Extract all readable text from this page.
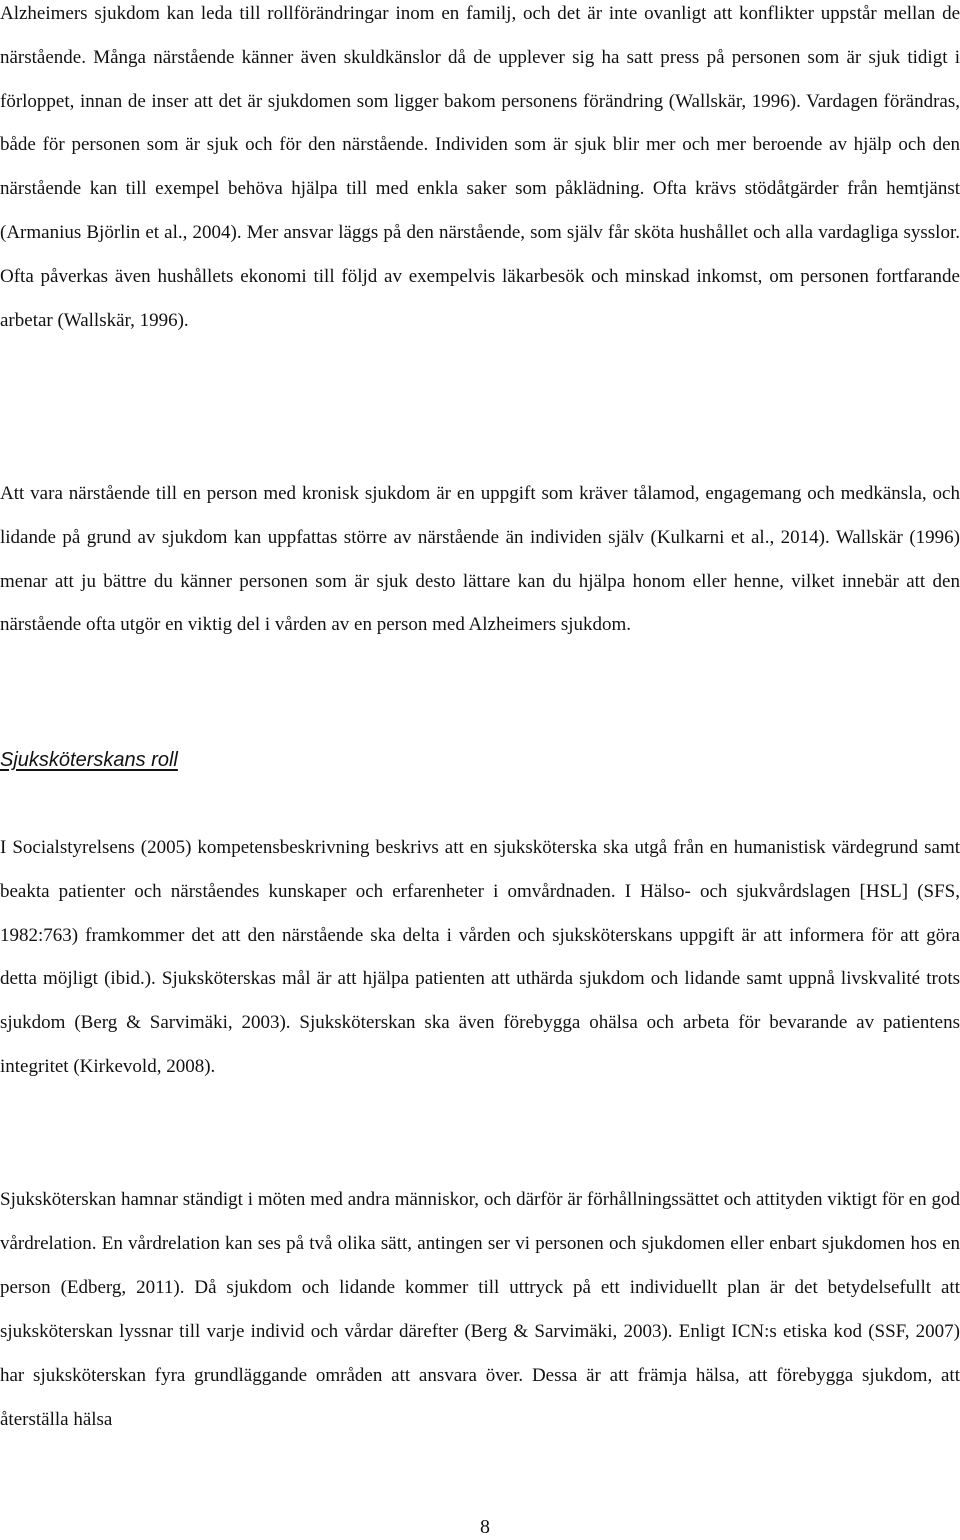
Alzheimers sjukdom kan leda till rollförändringar inom en familj, och det är inte ovanligt att konflikter uppstår mellan de närstående. Många närstående känner även skuldkänslor då de upplever sig ha satt press på personen som är sjuk tidigt i förloppet, innan de inser att det är sjukdomen som ligger bakom personens förändring (Wallskär, 1996). Vardagen förändras, både för personen som är sjuk och för den närstående. Individen som är sjuk blir mer och mer beroende av hjälp och den närstående kan till exempel behöva hjälpa till med enkla saker som påklädning. Ofta krävs stödåtgärder från hemtjänst (Armanius Björlin et al., 2004). Mer ansvar läggs på den närstående, som själv får sköta hushållet och alla vardagliga sysslor. Ofta påverkas även hushållets ekonomi till följd av exempelvis läkarbesök och minskad inkomst, om personen fortfarande arbetar (Wallskär, 1996).

Att vara närstående till en person med kronisk sjukdom är en uppgift som kräver tålamod, engagemang och medkänsla, och lidande på grund av sjukdom kan uppfattas större av närstående än individen själv (Kulkarni et al., 2014). Wallskär (1996) menar att ju bättre du känner personen som är sjuk desto lättare kan du hjälpa honom eller henne, vilket innebär att den närstående ofta utgör en viktig del i vården av en person med Alzheimers sjukdom.

Sjuksköterskans roll

I Socialstyrelsens (2005) kompetensbeskrivning beskrivs att en sjuksköterska ska utgå från en humanistisk värdegrund samt beakta patienter och närståendes kunskaper och erfarenheter i omvårdnaden. I Hälso- och sjukvårdslagen [HSL] (SFS, 1982:763) framkommer det att den närstående ska delta i vården och sjuksköterskans uppgift är att informera för att göra detta möjligt (ibid.). Sjuksköterskas mål är att hjälpa patienten att uthärda sjukdom och lidande samt uppnå livskvalité trots sjukdom (Berg & Sarvimäki, 2003). Sjuksköterskan ska även förebygga ohälsa och arbeta för bevarande av patientens integritet (Kirkevold, 2008).

Sjuksköterskan hamnar ständigt i möten med andra människor, och därför är förhållningssättet och attityden viktigt för en god vårdrelation. En vårdrelation kan ses på två olika sätt, antingen ser vi personen och sjukdomen eller enbart sjukdomen hos en person (Edberg, 2011). Då sjukdom och lidande kommer till uttryck på ett individuellt plan är det betydelsefullt att sjuksköterskan lyssnar till varje individ och vårdar därefter (Berg & Sarvimäki, 2003). Enligt ICN:s etiska kod (SSF, 2007) har sjuksköterskan fyra grundläggande områden att ansvara över. Dessa är att främja hälsa, att förebygga sjukdom, att återställa hälsa

8
